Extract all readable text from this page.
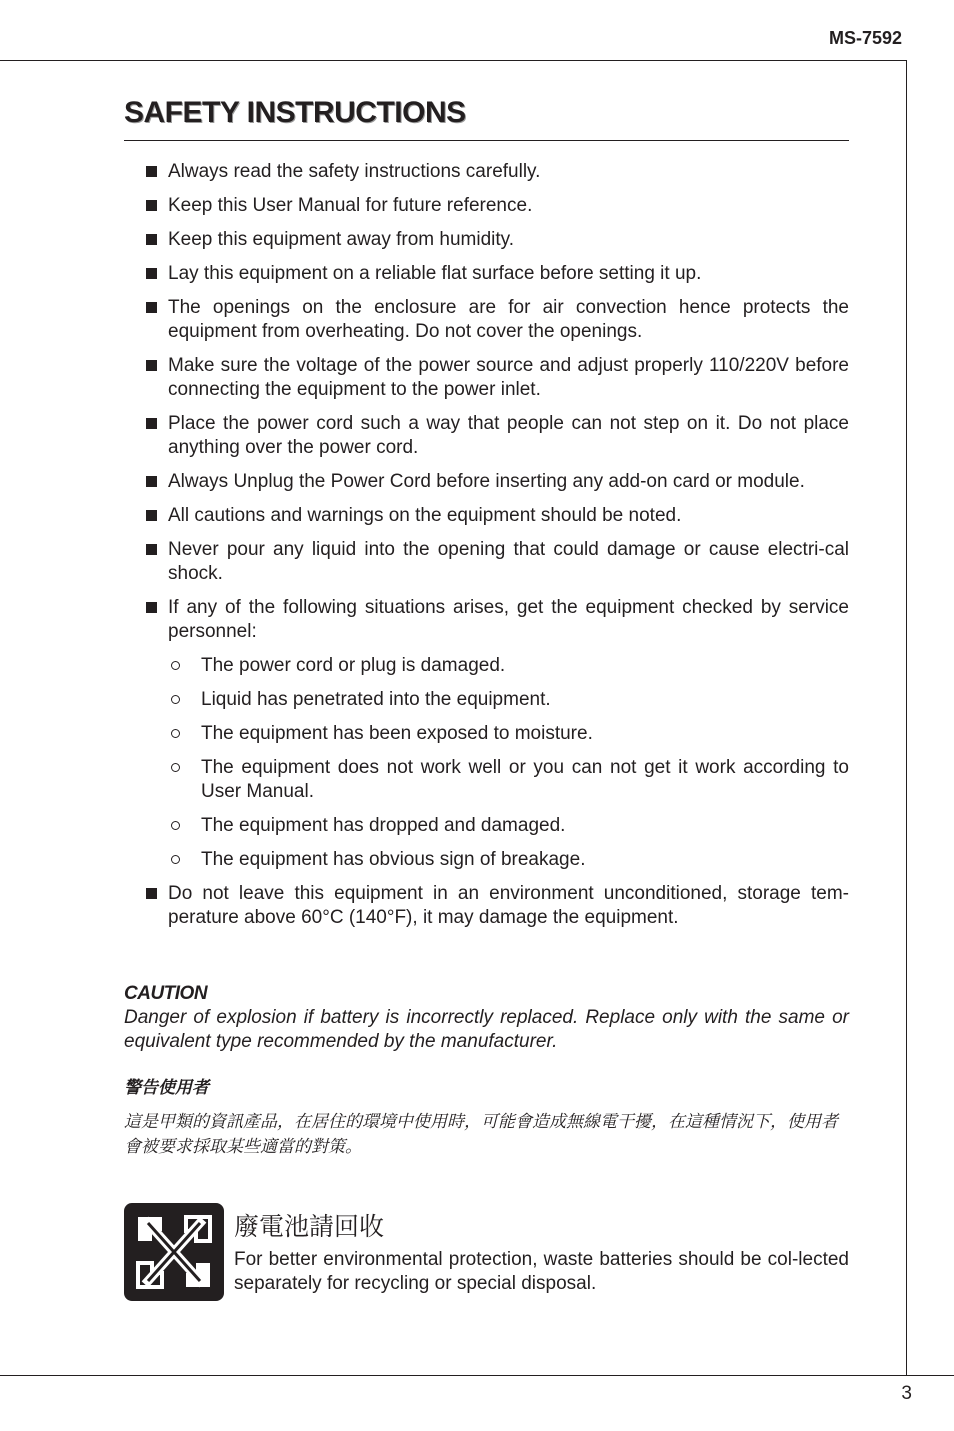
MS-7592
SAFETY INSTRUCTIONS
Always read the safety instructions carefully.
Keep this User Manual for future reference.
Keep this equipment away from humidity.
Lay this equipment on a reliable flat surface before setting it up.
The openings on the enclosure are for air convection hence protects the equipment from overheating. Do not cover the openings.
Make sure the voltage of the power source and adjust properly 110/220V before connecting the equipment to the power inlet.
Place the power cord such a way that people can not step on it. Do not place anything over the power cord.
Always Unplug the Power Cord before inserting any add-on card or module.
All cautions and warnings on the equipment should be noted.
Never pour any liquid into the opening that could damage or cause electri-cal shock.
If any of the following situations arises, get the equipment checked by service personnel:
The power cord or plug is damaged.
Liquid has penetrated into the equipment.
The equipment has been exposed to moisture.
The equipment does not work well or you can not get it work according to User Manual.
The equipment has dropped and damaged.
The equipment has obvious sign of breakage.
Do not leave this equipment in an environment unconditioned, storage tem-perature above 60°C (140°F), it may damage the equipment.
CAUTION

Danger of explosion if battery is incorrectly replaced. Replace only with the same or equivalent type recommended by the manufacturer.

警告使用者

這是甲類的資訊產品，在居住的環境中使用時，可能會造成無線電干擾，在這種情況下，使用者會被要求採取某些適當的對策。

廢電池請回收

For better environmental protection, waste batteries should be col-lected separately for recycling or special disposal.

3
